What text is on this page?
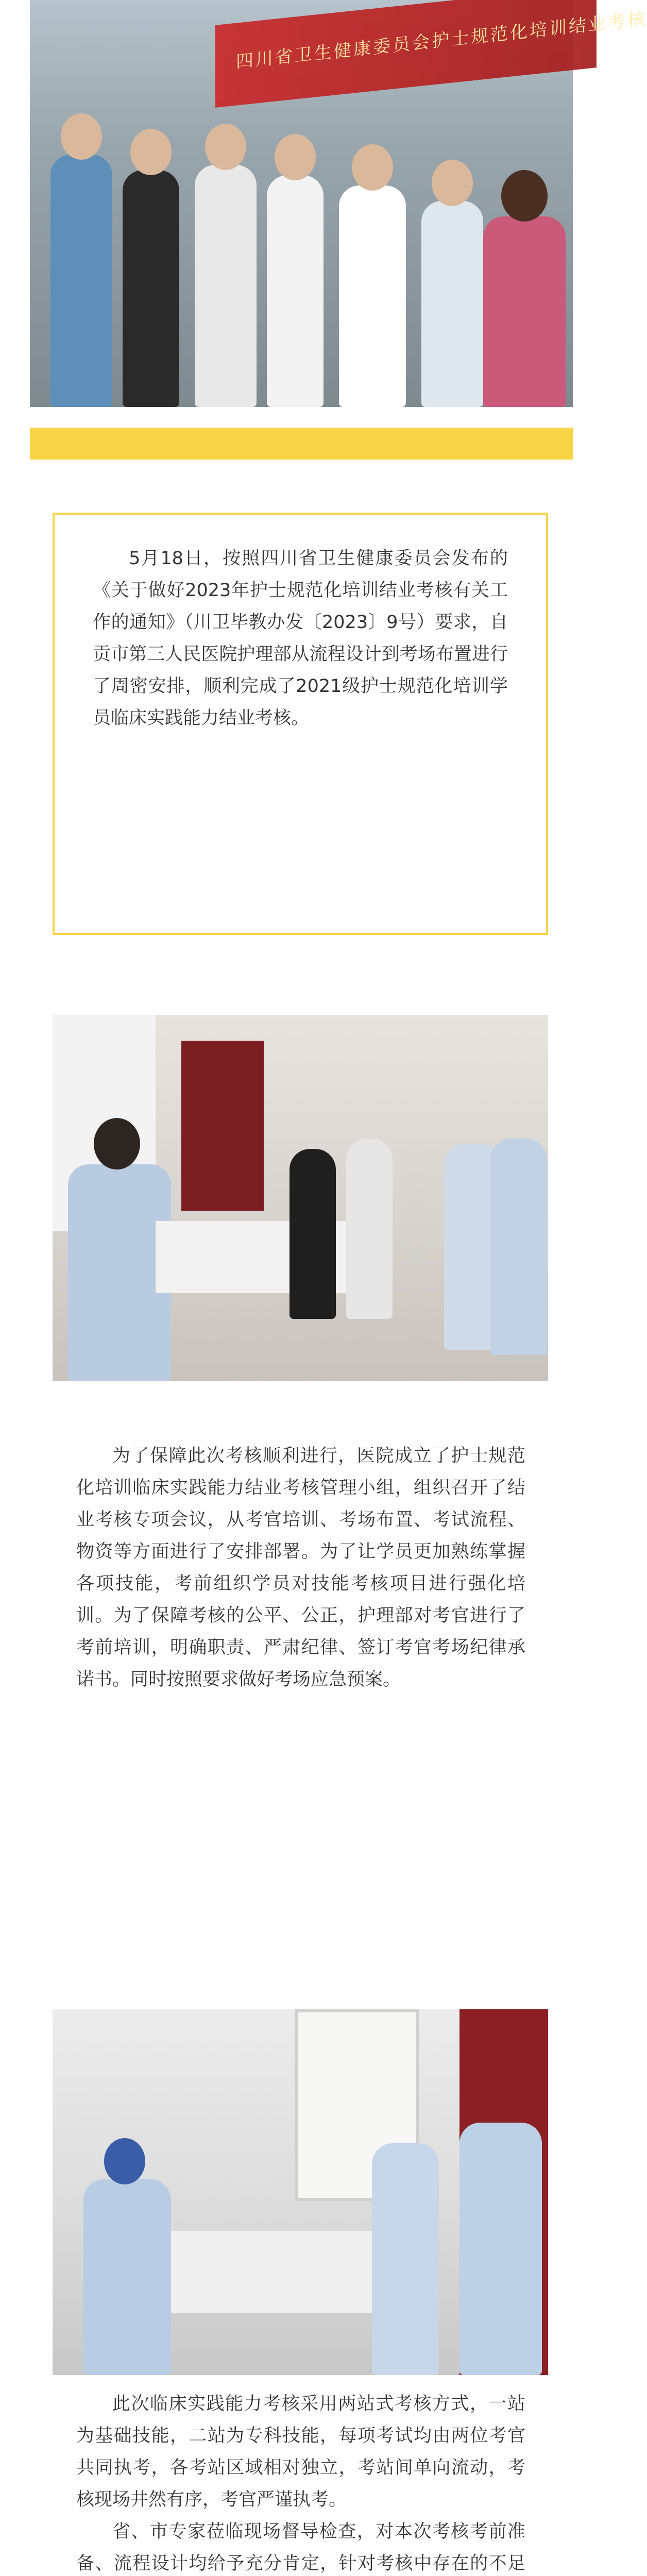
四川省卫生健康委员会护士规范化培训结业考核

5月18日，按照四川省卫生健康委员会发布的《关于做好2023年护士规范化培训结业考核有关工作的通知》（川卫毕教办发〔2023〕9号）要求，自贡市第三人民医院护理部从流程设计到考场布置进行了周密安排，顺利完成了2021级护士规范化培训学员临床实践能力结业考核。

为了保障此次考核顺利进行，医院成立了护士规范化培训临床实践能力结业考核管理小组，组织召开了结业考核专项会议，从考官培训、考场布置、考试流程、物资等方面进行了安排部署。为了让学员更加熟练掌握各项技能，考前组织学员对技能考核项目进行强化培训。为了保障考核的公平、公正，护理部对考官进行了考前培训，明确职责、严肃纪律、签订考官考场纪律承诺书。同时按照要求做好考场应急预案。

此次临床实践能力考核采用两站式考核方式，一站为基础技能，二站为专科技能，每项考试均由两位考官共同执考，各考站区域相对独立，考站间单向流动，考核现场井然有序，考官严谨执考。

省、市专家莅临现场督导检查，对本次考核考前准备、流程设计均给予充分肯定，针对考核中存在的不足
